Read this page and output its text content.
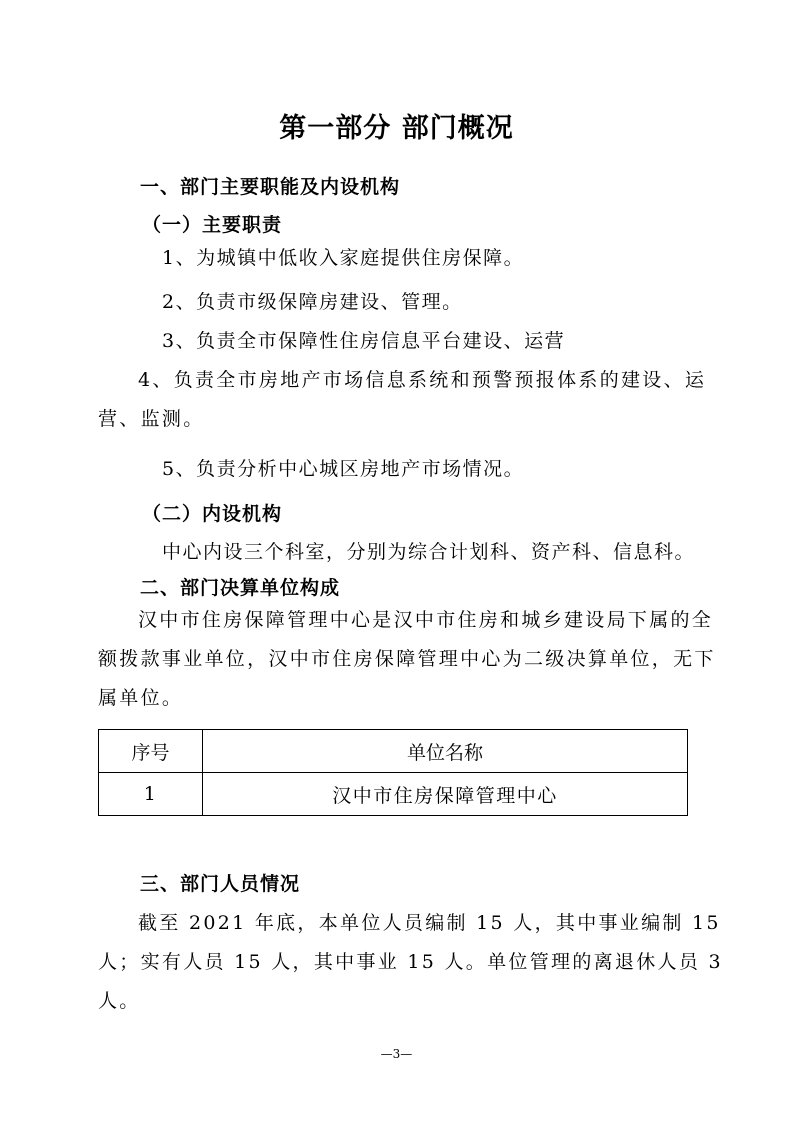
第一部分 部门概况
一、部门主要职能及内设机构
（一）主要职责

1、为城镇中低收入家庭提供住房保障。

2、负责市级保障房建设、管理。

3、负责全市保障性住房信息平台建设、运营

4、负责全市房地产市场信息系统和预警预报体系的建设、运营、监测。

5、负责分析中心城区房地产市场情况。

（二）内设机构

中心内设三个科室，分别为综合计划科、资产科、信息科。

二、部门决算单位构成

汉中市住房保障管理中心是汉中市住房和城乡建设局下属的全额拨款事业单位，汉中市住房保障管理中心为二级决算单位，无下属单位。

序号	单位名称
1	汉中市住房保障管理中心
三、部门人员情况

截至 2021 年底，本单位人员编制 15 人，其中事业编制 15 人；实有人员 15 人，其中事业 15 人。单位管理的离退休人员 3 人。

—3—
